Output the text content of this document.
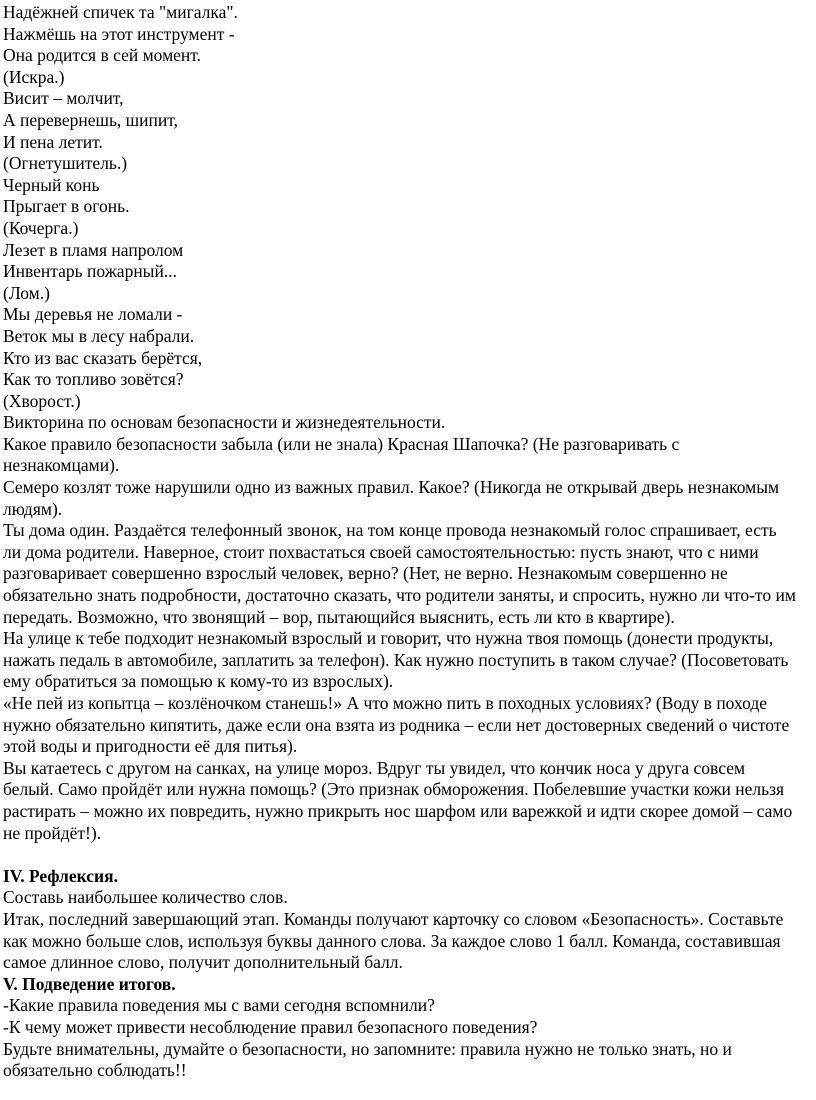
Надёжней спичек та "мигалка".
Нажмёшь на этот инструмент -
Она родится в сей момент.
(Искра.)
Висит – молчит,
А перевернешь, шипит,
И пена летит.
(Огнетушитель.)
Черный конь
Прыгает в огонь.
(Кочерга.)
Лезет в пламя напролом
Инвентарь пожарный...
(Лом.)
Мы деревья не ломали -
Веток мы в лесу набрали.
Кто из вас сказать берётся,
Как то топливо зовётся?
(Хворост.)
Викторина по основам безопасности и жизнедеятельности.
Какое правило безопасности забыла (или не знала) Красная Шапочка? (Не разговаривать с незнакомцами).
Семеро козлят тоже нарушили одно из важных правил. Какое? (Никогда не открывай дверь незнакомым людям).
Ты дома один. Раздаётся телефонный звонок, на том конце провода незнакомый голос спрашивает, есть ли дома родители. Наверное, стоит похвастаться своей самостоятельностью: пусть знают, что с ними разговаривает совершенно взрослый человек, верно? (Нет, не верно. Незнакомым совершенно не обязательно знать подробности, достаточно сказать, что родители заняты, и спросить, нужно ли что-то им передать. Возможно, что звонящий – вор, пытающийся выяснить, есть ли кто в квартире).
На улице к тебе подходит незнакомый взрослый и говорит, что нужна твоя помощь (донести продукты, нажать педаль в автомобиле, заплатить за телефон). Как нужно поступить в таком случае? (Посоветовать ему обратиться за помощью к кому-то из взрослых).
«Не пей из копытца – козлёночком станешь!» А что можно пить в походных условиях? (Воду в походе нужно обязательно кипятить, даже если она взята из родника – если нет достоверных сведений о чистоте этой воды и пригодности её для питья).
Вы катаетесь с другом на санках, на улице мороз. Вдруг ты увидел, что кончик носа у друга совсем белый. Само пройдёт или нужна помощь? (Это признак обморожения. Побелевшие участки кожи нельзя растирать – можно их повредить, нужно прикрыть нос шарфом или варежкой и идти скорее домой – само не пройдёт!).
IV. Рефлексия.
Составь наибольшее количество слов.
Итак, последний завершающий этап. Команды получают карточку со словом «Безопасность». Составьте как можно больше слов, используя буквы данного слова. За каждое слово 1 балл. Команда, составившая самое длинное слово, получит дополнительный балл.
V. Подведение итогов.
-Какие правила поведения мы с вами сегодня вспомнили?
-К чему может привести несоблюдение правил безопасного поведения?
Будьте внимательны, думайте о безопасности, но запомните: правила нужно не только знать, но и обязательно соблюдать!!
